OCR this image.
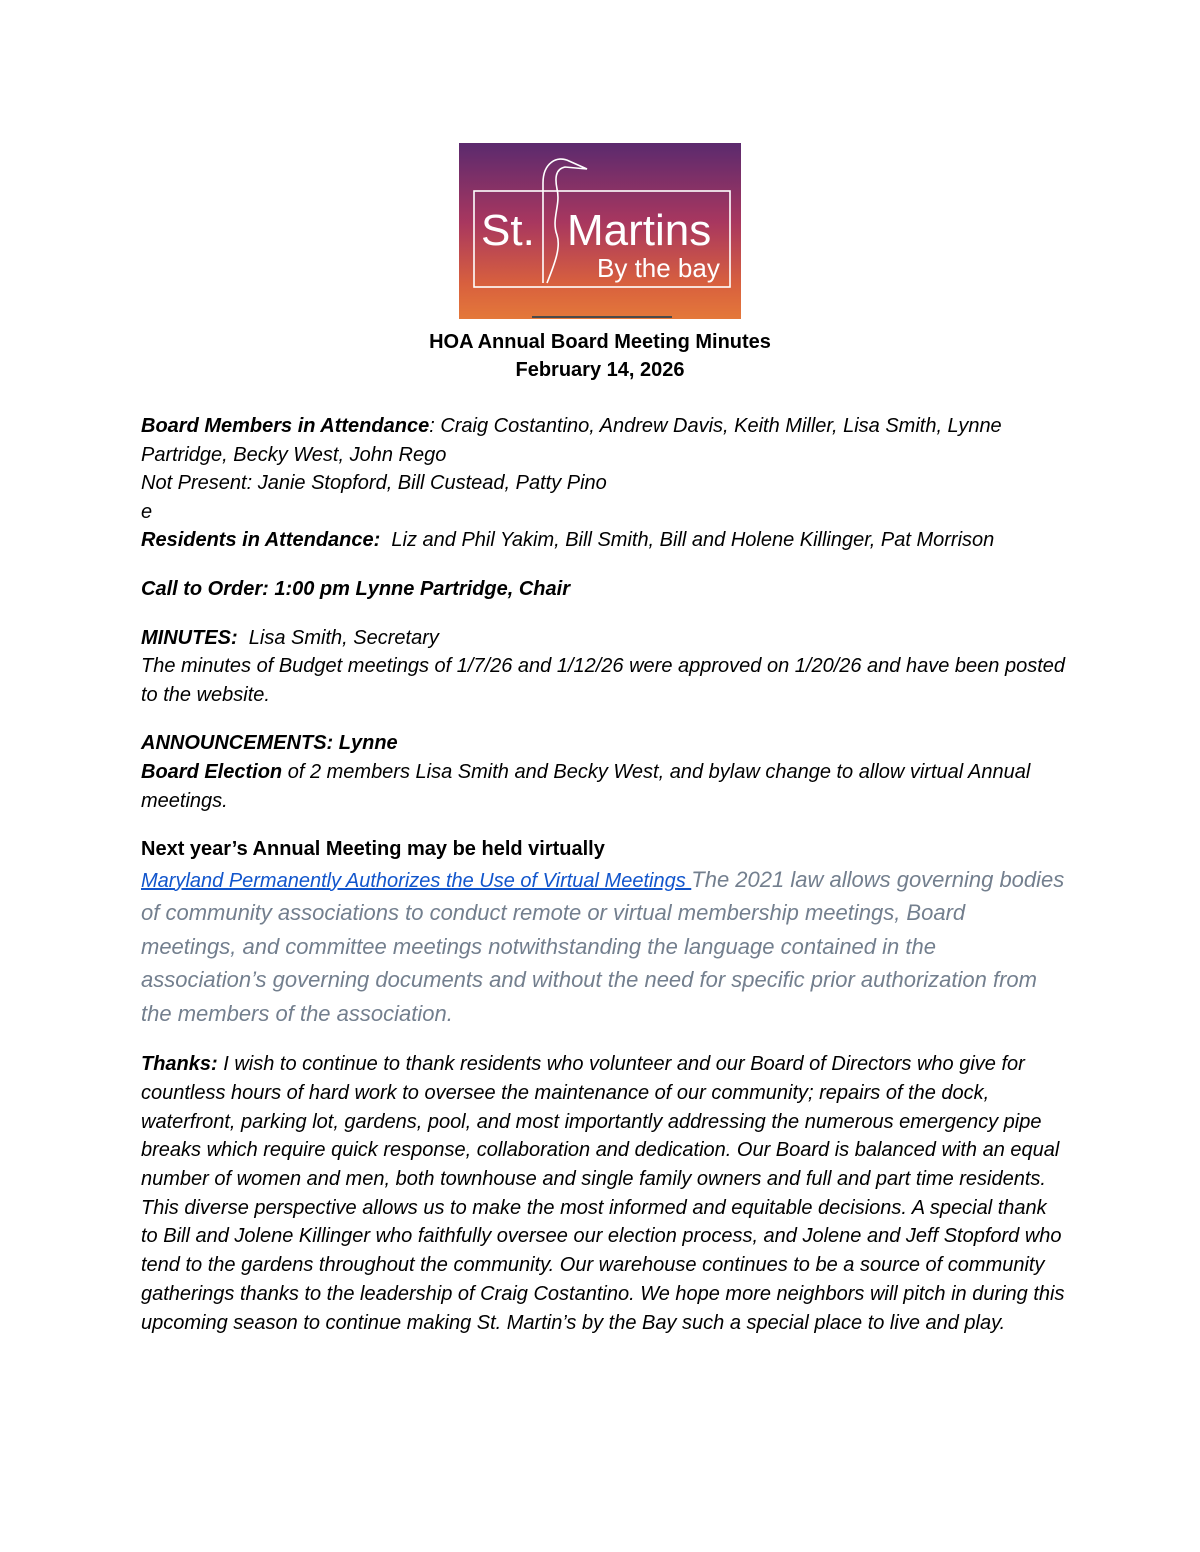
St. Martins
By the bay
HOA Annual Board Meeting Minutes
February 14, 2026

Board Members in Attendance: Craig Costantino, Andrew Davis, Keith Miller, Lisa Smith, Lynne Partridge, Becky West, John Rego

Not Present: Janie Stopford, Bill Custead, Patty Pino

e

Residents in Attendance: Liz and Phil Yakim, Bill Smith, Bill and Holene Killinger, Pat Morrison

Call to Order: 1:00 pm Lynne Partridge, Chair

MINUTES: Lisa Smith, Secretary

The minutes of Budget meetings of 1/7/26 and 1/12/26 were approved on 1/20/26 and have been posted to the website.

ANNOUNCEMENTS: Lynne

Board Election of 2 members Lisa Smith and Becky West, and bylaw change to allow virtual Annual meetings.

Next year’s Annual Meeting may be held virtually

Maryland Permanently Authorizes the Use of Virtual Meetings The 2021 law allows governing bodies of community associations to conduct remote or virtual membership meetings, Board meetings, and committee meetings notwithstanding the language contained in the association’s governing documents and without the need for specific prior authorization from the members of the association.

Thanks: I wish to continue to thank residents who volunteer and our Board of Directors who give for countless hours of hard work to oversee the maintenance of our community; repairs of the dock, waterfront, parking lot, gardens, pool, and most importantly addressing the numerous emergency pipe breaks which require quick response, collaboration and dedication. Our Board is balanced with an equal number of women and men, both townhouse and single family owners and full and part time residents. This diverse perspective allows us to make the most informed and equitable decisions. A special thank to Bill and Jolene Killinger who faithfully oversee our election process, and Jolene and Jeff Stopford who tend to the gardens throughout the community. Our warehouse continues to be a source of community gatherings thanks to the leadership of Craig Costantino. We hope more neighbors will pitch in during this upcoming season to continue making St. Martin’s by the Bay such a special place to live and play.
